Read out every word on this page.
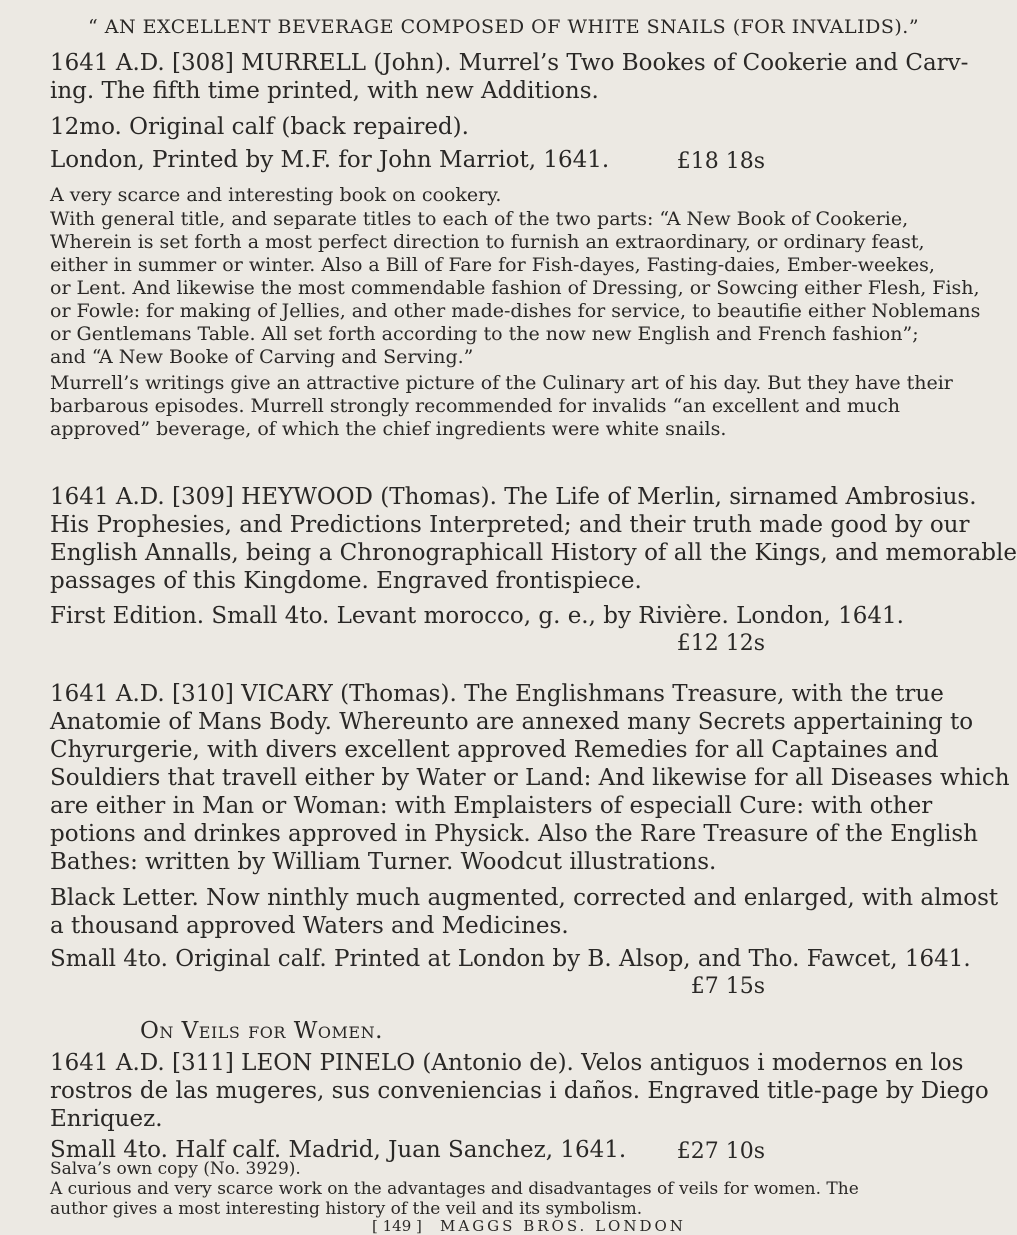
“ AN EXCELLENT BEVERAGE COMPOSED OF WHITE SNAILS (FOR INVALIDS).”
1641 A.D. [308] MURRELL (John). Murrel’s Two Bookes of Cookerie and Carv-
ing. The fifth time printed, with new Additions.
12mo. Original calf (back repaired).
London, Printed by M.F. for John Marriot, 1641.	£18 18s
A very scarce and interesting book on cookery.
With general title, and separate titles to each of the two parts: “A New Book of Cookerie,
Wherein is set forth a most perfect direction to furnish an extraordinary, or ordinary feast,
either in summer or winter. Also a Bill of Fare for Fish-dayes, Fasting-daies, Ember-weekes,
or Lent. And likewise the most commendable fashion of Dressing, or Sowcing either Flesh, Fish,
or Fowle: for making of Jellies, and other made-dishes for service, to beautifie either Noblemans
or Gentlemans Table. All set forth according to the now new English and French fashion”;
and “A New Booke of Carving and Serving.”
Murrell’s writings give an attractive picture of the Culinary art of his day. But they have their
barbarous episodes. Murrell strongly recommended for invalids “an excellent and much
approved” beverage, of which the chief ingredients were white snails.
1641 A.D. [309] HEYWOOD (Thomas). The Life of Merlin, sirnamed Ambrosius.
His Prophesies, and Predictions Interpreted; and their truth made good by our
English Annalls, being a Chronographicall History of all the Kings, and memorable
passages of this Kingdome. Engraved frontispiece.
First Edition. Small 4to. Levant morocco, g. e., by Rivière. London, 1641.
£12 12s
1641 A.D. [310] VICARY (Thomas). The Englishmans Treasure, with the true
Anatomie of Mans Body. Whereunto are annexed many Secrets appertaining to
Chyrurgerie, with divers excellent approved Remedies for all Captaines and
Souldiers that travell either by Water or Land: And likewise for all Diseases which
are either in Man or Woman: with Emplaisters of especiall Cure: with other
potions and drinkes approved in Physick. Also the Rare Treasure of the English
Bathes: written by William Turner. Woodcut illustrations.
Black Letter. Now ninthly much augmented, corrected and enlarged, with almost
a thousand approved Waters and Medicines.
Small 4to. Original calf. Printed at London by B. Alsop, and Tho. Fawcet, 1641.
£7 15s
On Veils for Women.
1641 A.D. [311] LEON PINELO (Antonio de). Velos antiguos i modernos en los
rostros de las mugeres, sus conveniencias i daños. Engraved title-page by Diego
Enriquez.
Small 4to. Half calf. Madrid, Juan Sanchez, 1641. £27 10s
Salva’s own copy (No. 3929).
A curious and very scarce work on the advantages and disadvantages of veils for women. The
author gives a most interesting history of the veil and its symbolism.
[ 149 ] MAGGS BROS. LONDON
